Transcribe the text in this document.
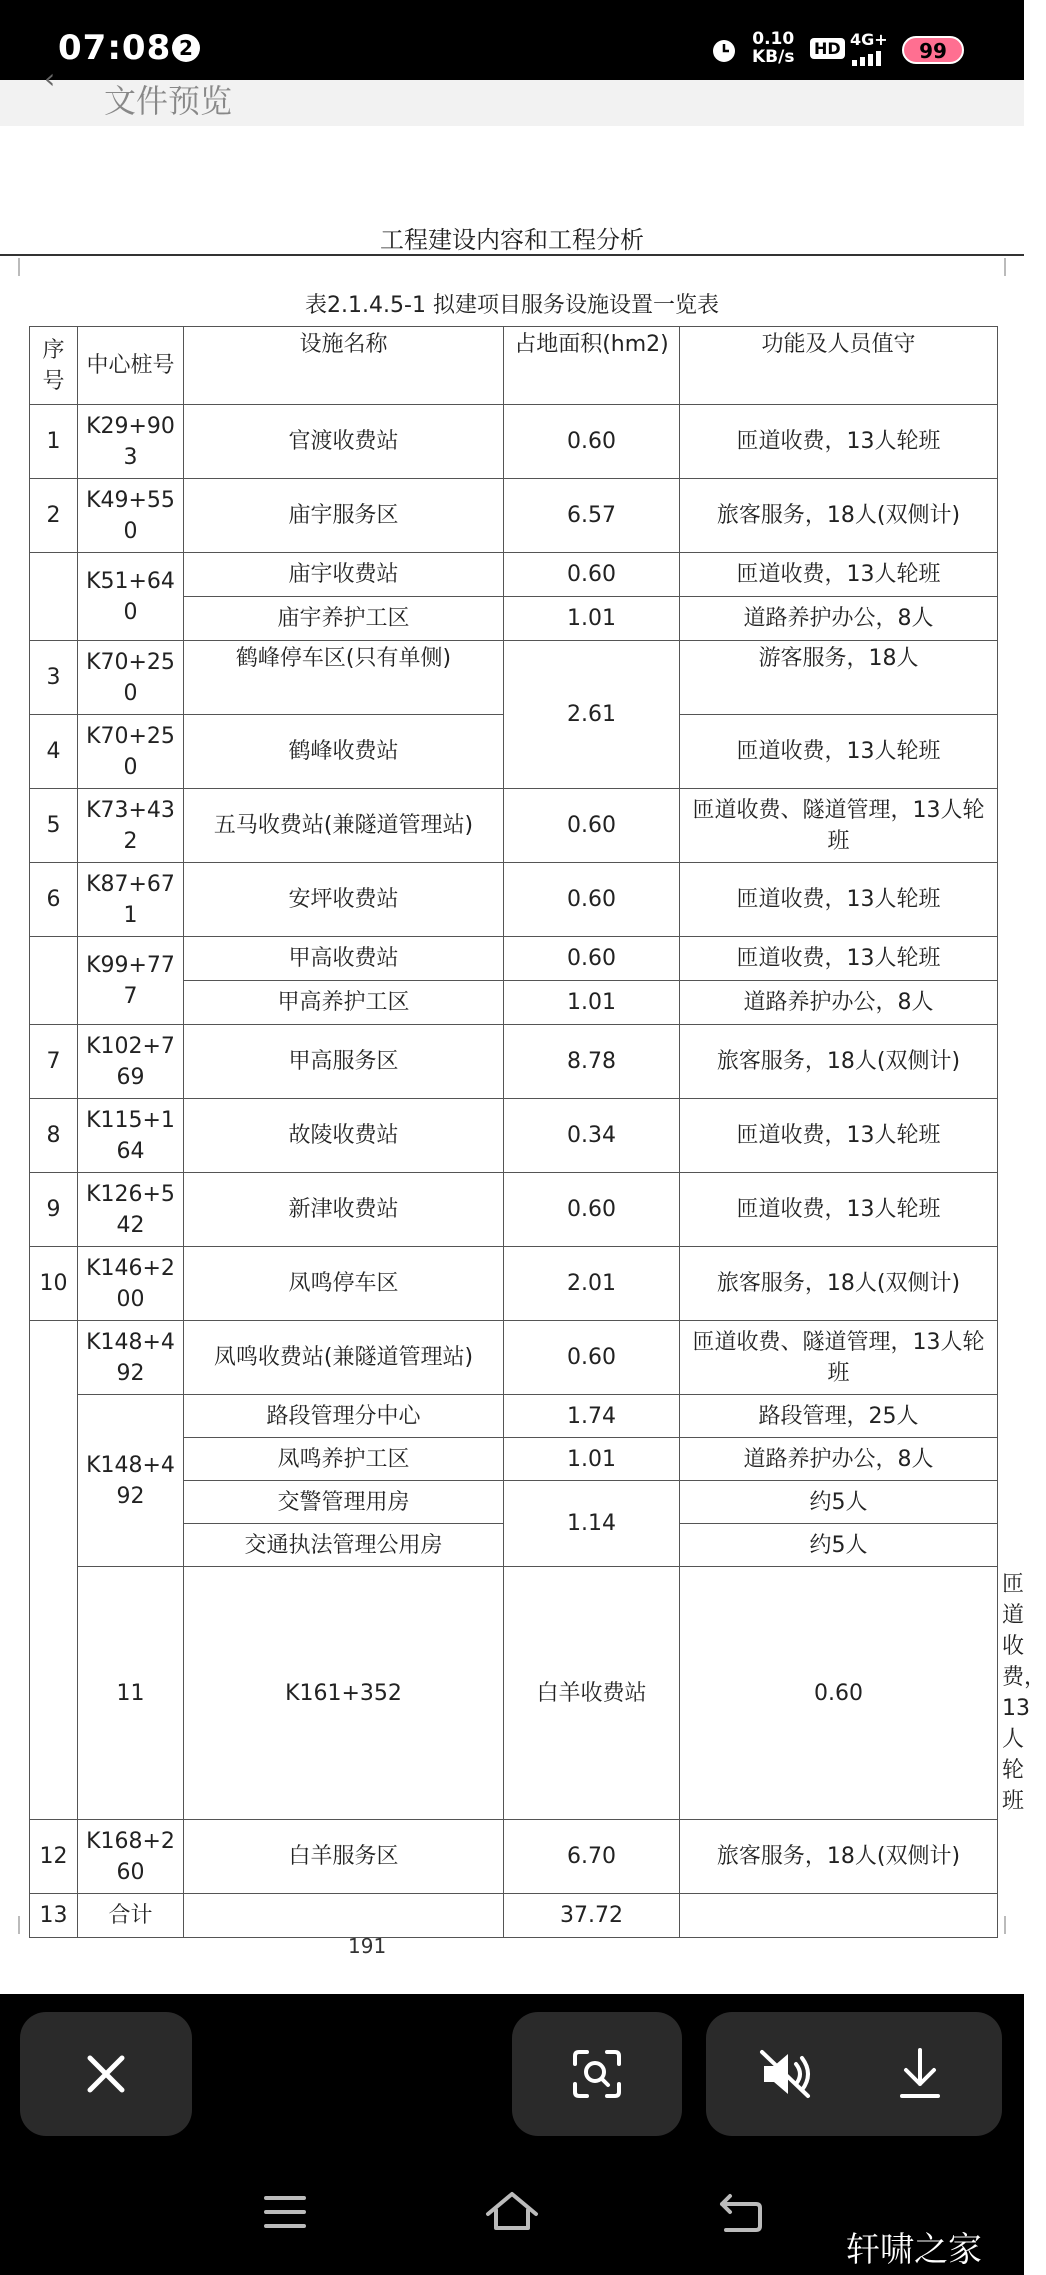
07:08 2	0.10
KB/s HD 4G+	99
‹
文件预览
工程建设内容和工程分析
表2.1.4.5-1 拟建项目服务设施设置一览表
序号	中心桩号	设施名称	占地面积(hm2)	功能及人员值守	
1	K29+903	官渡收费站	0.60	匝道收费，13人轮班	
2	K49+550	庙宇服务区	6.57	旅客服务，18人(双侧计)	
	K51+640	庙宇收费站	0.60	匝道收费，13人轮班	
		庙宇养护工区	1.01	道路养护办公，8人	
3	K70+250	鹤峰停车区(只有单侧)	2.61	游客服务，18人	
4	K70+250	鹤峰收费站		匝道收费，13人轮班	
5	K73+432	五马收费站(兼隧道管理站)	0.60	匝道收费、隧道管理，13人轮班	
6	K87+671	安坪收费站	0.60	匝道收费，13人轮班	
	K99+777	甲高收费站	0.60	匝道收费，13人轮班	
		甲高养护工区	1.01	道路养护办公，8人	
7	K102+769	甲高服务区	8.78	旅客服务，18人(双侧计)	
8	K115+164	故陵收费站	0.34	匝道收费，13人轮班	
9	K126+542	新津收费站	0.60	匝道收费，13人轮班	
10	K146+200	凤鸣停车区	2.01	旅客服务，18人(双侧计)	
	K148+492	凤鸣收费站(兼隧道管理站)	0.60	匝道收费、隧道管理，13人轮班	
	K148+492	路段管理分中心	1.74	路段管理，25人	
		凤鸣养护工区	1.01	道路养护办公，8人	
		交警管理用房	1.14	约5人	
		交通执法管理公用房		约5人	
	11	K161+352	白羊收费站	0.60	匝道收费，13人轮班
12	K168+260	白羊服务区	6.70	旅客服务，18人(双侧计)	
13	合计		37.72		
191
轩啸之家
